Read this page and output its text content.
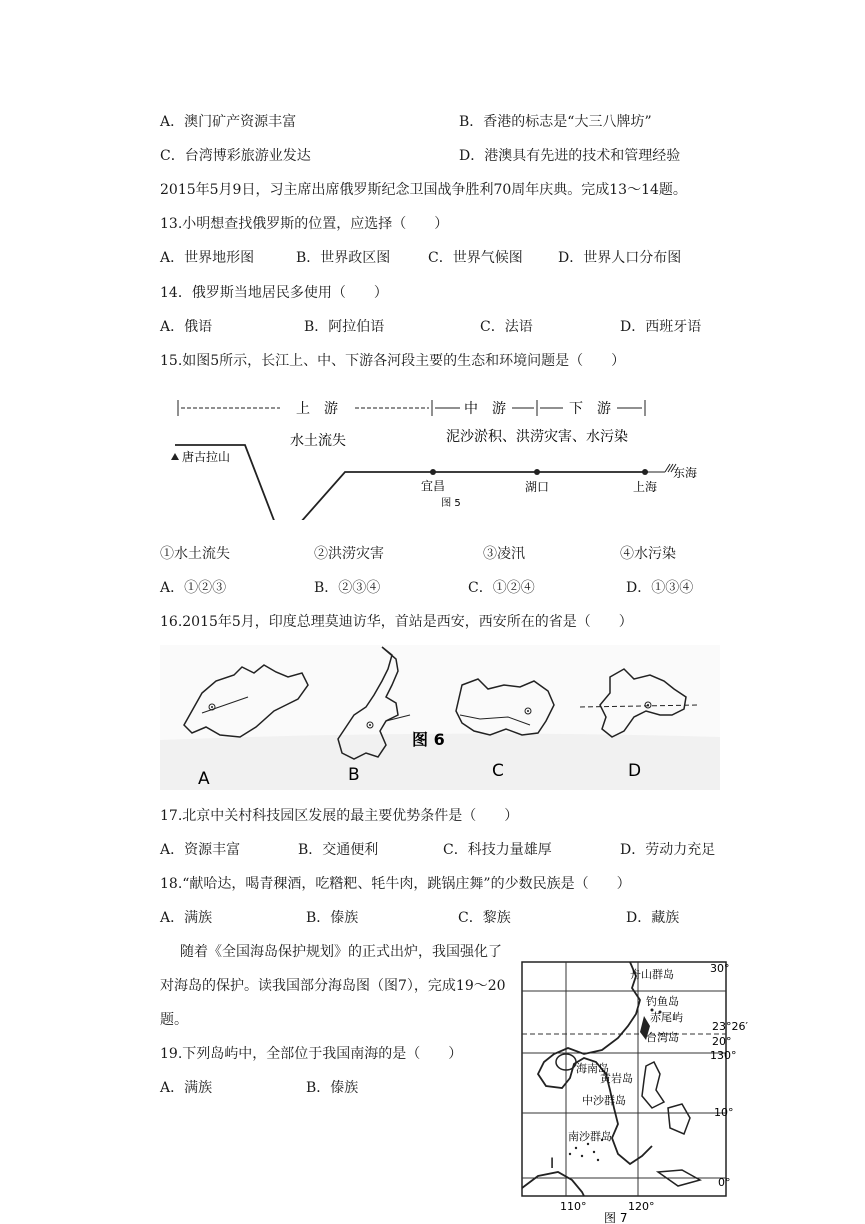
A．澳门矿产资源丰富	B．香港的标志是“大三八牌坊”
C．台湾博彩旅游业发达	D．港澳具有先进的技术和管理经验
2015年5月9日，习主席出席俄罗斯纪念卫国战争胜利70周年庆典。完成13～14题。
13.小明想查找俄罗斯的位置，应选择（　　）
A．世界地形图	B．世界政区图	C．世界气候图	D．世界人口分布图
14．俄罗斯当地居民多使用（　　）
A．俄语	B．阿拉伯语	C．法语	D．西班牙语
15.如图5所示，长江上、中、下游各河段主要的生态和环境问题是（　　）
上　游	中　游	下　游
水土流失	泥沙淤积、洪涝灾害、水污染
唐古拉山
宜昌	湖口	上海
东海
图 5
①水土流失	②洪涝灾害	③凌汛	④水污染
A．①②③	B．②③④	C．①②④	D．①③④
16.2015年5月，印度总理莫迪访华，首站是西安，西安所在的省是（　　）
图 6
A	B	C	D
17.北京中关村科技园区发展的最主要优势条件是（　　）
A．资源丰富	B．交通便利	C．科技力量雄厚	D．劳动力充足
18.“献哈达，喝青稞酒，吃糌粑、牦牛肉，跳锅庄舞”的少数民族是（　　）
A．满族	B．傣族	C．黎族	D．藏族
随着《全国海岛保护规划》的正式出炉，我国强化了
对海岛的保护。读我国部分海岛图（图7），完成19～20
题。
19.下列岛屿中，全部位于我国南海的是（　　）
A．满族	B．傣族
Ⅰ
舟山群岛
钓鱼岛
赤尾屿
台湾岛
海南岛
黄岩岛
中沙群岛
南沙群岛
30°
23°26′
20°
130°
10°
0°
110°	120°
图 7
